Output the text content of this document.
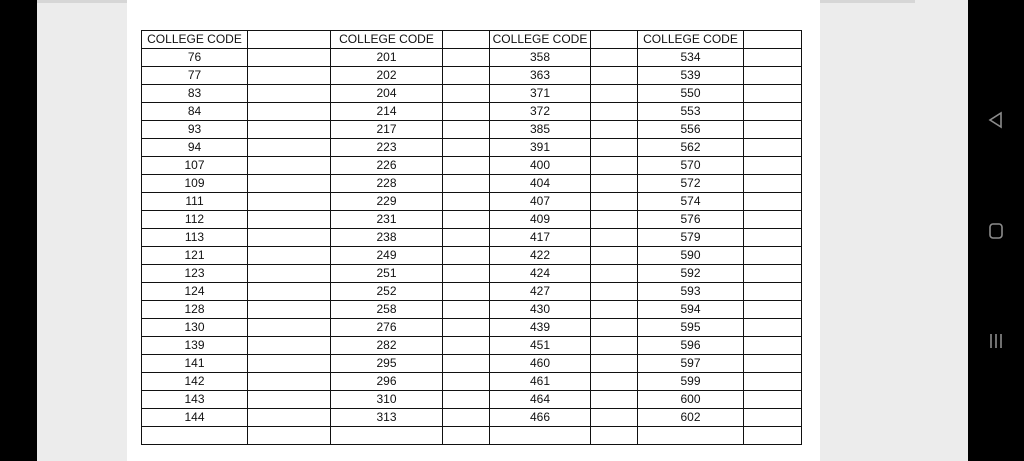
COLLEGE CODE		COLLEGE CODE		COLLEGE CODE		COLLEGE CODE	
76		201		358		534	
77		202		363		539	
83		204		371		550	
84		214		372		553	
93		217		385		556	
94		223		391		562	
107		226		400		570	
109		228		404		572	
111		229		407		574	
112		231		409		576	
113		238		417		579	
121		249		422		590	
123		251		424		592	
124		252		427		593	
128		258		430		594	
130		276		439		595	
139		282		451		596	
141		295		460		597	
142		296		461		599	
143		310		464		600	
144		313		466		602	
